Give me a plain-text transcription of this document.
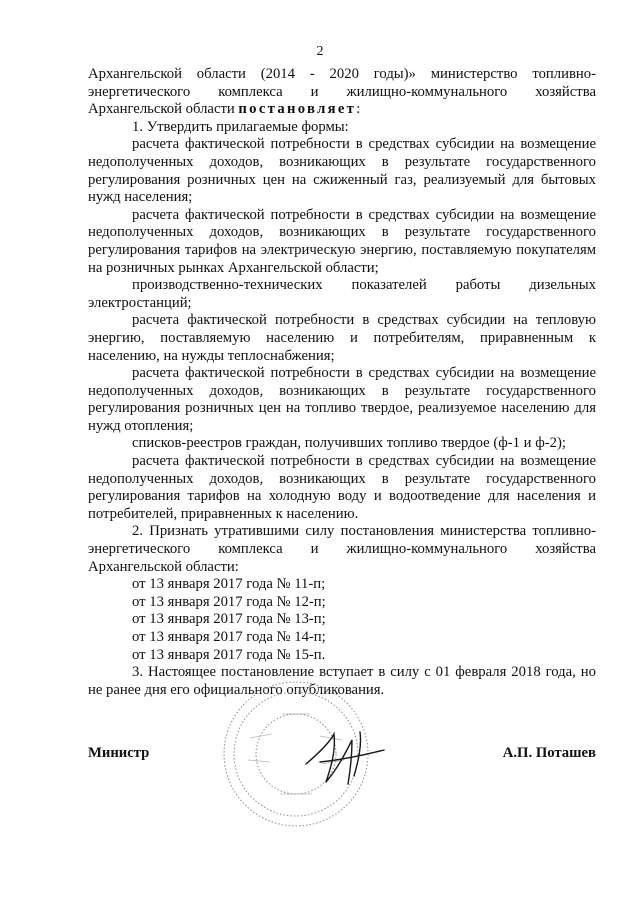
2

Архангельской области (2014 - 2020 годы)» министерство топливно-энергетического комплекса и жилищно-коммунального хозяйства Архангельской области постановляет:

1. Утвердить прилагаемые формы:

расчета фактической потребности в средствах субсидии на возмещение недополученных доходов, возникающих в результате государственного регулирования розничных цен на сжиженный газ, реализуемый для бытовых нужд населения;

расчета фактической потребности в средствах субсидии на возмещение недополученных доходов, возникающих в результате государственного регулирования тарифов на электрическую энергию, поставляемую покупателям на розничных рынках Архангельской области;

производственно-технических показателей работы дизельных электростанций;

расчета фактической потребности в средствах субсидии на тепловую энергию, поставляемую населению и потребителям, приравненным к населению, на нужды теплоснабжения;

расчета фактической потребности в средствах субсидии на возмещение недополученных доходов, возникающих в результате государственного регулирования розничных цен на топливо твердое, реализуемое населению для нужд отопления;

списков-реестров граждан, получивших топливо твердое (ф-1 и ф-2);

расчета фактической потребности в средствах субсидии на возмещение недополученных доходов, возникающих в результате государственного регулирования тарифов на холодную воду и водоотведение для населения и потребителей, приравненных к населению.

2. Признать утратившими силу постановления министерства топливно-энергетического комплекса и жилищно-коммунального хозяйства Архангельской области:

от 13 января 2017 года № 11-п;

от 13 января 2017 года № 12-п;

от 13 января 2017 года № 13-п;

от 13 января 2017 года № 14-п;

от 13 января 2017 года № 15-п.

3. Настоящее постановление вступает в силу с 01 февраля 2018 года, но не ранее дня его официального опубликования.

Министр	А.П. Поташев
